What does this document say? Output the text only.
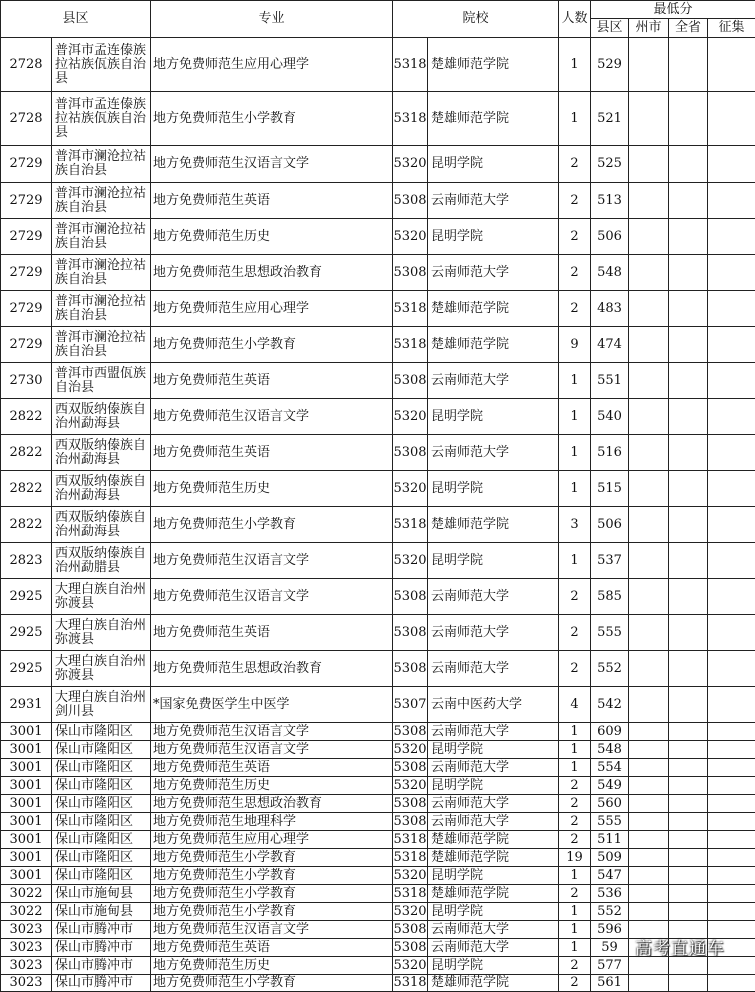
县区		专业	院校		人数	最低分			
						县区	州市	全省	征集
2728	普洱市孟连傣族拉祜族佤族自治县	地方免费师范生应用心理学	5318	楚雄师范学院	1	529			
2728	普洱市孟连傣族拉祜族佤族自治县	地方免费师范生小学教育	5318	楚雄师范学院	1	521			
2729	普洱市澜沧拉祜族自治县	地方免费师范生汉语言文学	5320	昆明学院	2	525			
2729	普洱市澜沧拉祜族自治县	地方免费师范生英语	5308	云南师范大学	2	513			
2729	普洱市澜沧拉祜族自治县	地方免费师范生历史	5320	昆明学院	2	506			
2729	普洱市澜沧拉祜族自治县	地方免费师范生思想政治教育	5308	云南师范大学	2	548			
2729	普洱市澜沧拉祜族自治县	地方免费师范生应用心理学	5318	楚雄师范学院	2	483			
2729	普洱市澜沧拉祜族自治县	地方免费师范生小学教育	5318	楚雄师范学院	9	474			
2730	普洱市西盟佤族自治县	地方免费师范生英语	5308	云南师范大学	1	551			
2822	西双版纳傣族自治州勐海县	地方免费师范生汉语言文学	5320	昆明学院	1	540			
2822	西双版纳傣族自治州勐海县	地方免费师范生英语	5308	云南师范大学	1	516			
2822	西双版纳傣族自治州勐海县	地方免费师范生历史	5320	昆明学院	1	515			
2822	西双版纳傣族自治州勐海县	地方免费师范生小学教育	5318	楚雄师范学院	3	506			
2823	西双版纳傣族自治州勐腊县	地方免费师范生汉语言文学	5320	昆明学院	1	537			
2925	大理白族自治州弥渡县	地方免费师范生汉语言文学	5308	云南师范大学	2	585			
2925	大理白族自治州弥渡县	地方免费师范生英语	5308	云南师范大学	2	555			
2925	大理白族自治州弥渡县	地方免费师范生思想政治教育	5308	云南师范大学	2	552			
2931	大理白族自治州剑川县	*国家免费医学生中医学	5307	云南中医药大学	4	542			
3001	保山市隆阳区	地方免费师范生汉语言文学	5308	云南师范大学	1	609			
3001	保山市隆阳区	地方免费师范生汉语言文学	5320	昆明学院	1	548			
3001	保山市隆阳区	地方免费师范生英语	5308	云南师范大学	1	554			
3001	保山市隆阳区	地方免费师范生历史	5320	昆明学院	2	549			
3001	保山市隆阳区	地方免费师范生思想政治教育	5308	云南师范大学	2	560			
3001	保山市隆阳区	地方免费师范生地理科学	5308	云南师范大学	2	555			
3001	保山市隆阳区	地方免费师范生应用心理学	5318	楚雄师范学院	2	511			
3001	保山市隆阳区	地方免费师范生小学教育	5318	楚雄师范学院	19	509			
3001	保山市隆阳区	地方免费师范生小学教育	5320	昆明学院	1	547			
3022	保山市施甸县	地方免费师范生小学教育	5318	楚雄师范学院	2	536			
3022	保山市施甸县	地方免费师范生小学教育	5320	昆明学院	1	552			
3023	保山市腾冲市	地方免费师范生汉语言文学	5308	云南师范大学	1	596			
3023	保山市腾冲市	地方免费师范生英语	5308	云南师范大学	1	59			
3023	保山市腾冲市	地方免费师范生历史	5320	昆明学院	2	577			
3023	保山市腾冲市	地方免费师范生小学教育	5318	楚雄师范学院	2	561			
高考直通车
